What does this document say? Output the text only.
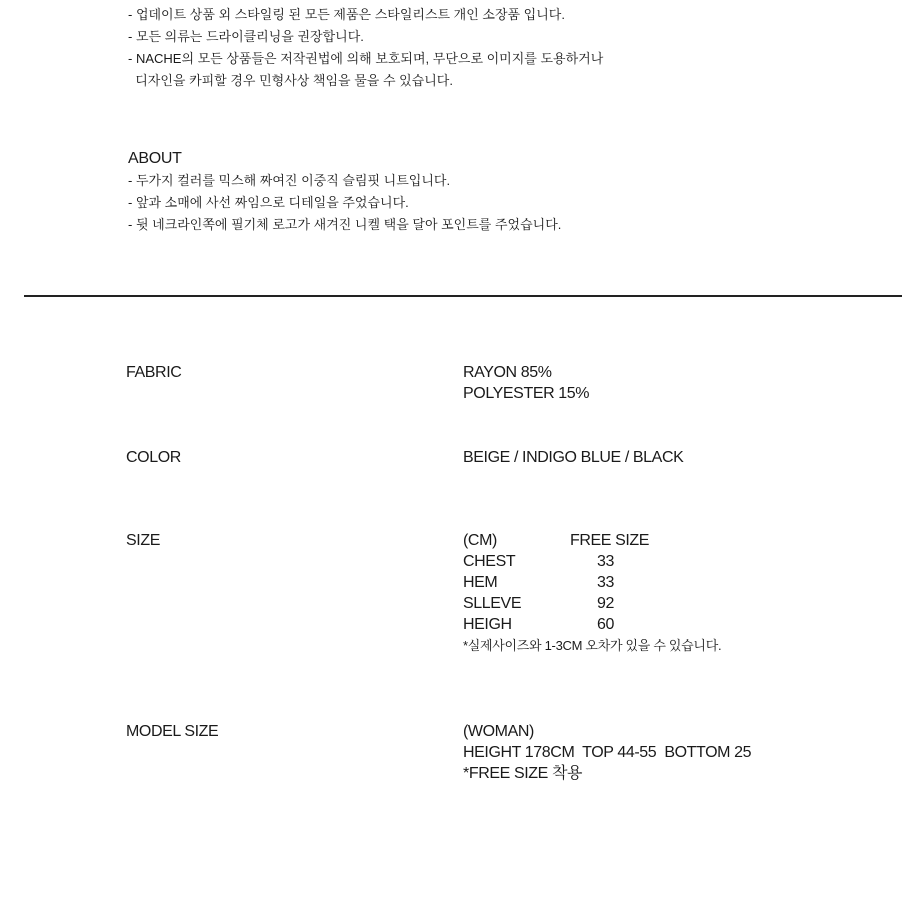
- 업데이트 상품 외 스타일링 된 모든 제품은 스타일리스트 개인 소장품 입니다.
- 모든 의류는 드라이클리닝을 권장합니다.
- NACHE의 모든 상품들은 저작권법에 의해 보호되며, 무단으로 이미지를 도용하거나
디자인을 카피할 경우 민형사상 책임을 물을 수 있습니다.
ABOUT
- 두가지 컬러를 믹스해 짜여진 이중직 슬림핏 니트입니다.
- 앞과 소매에 사선 짜임으로 디테일을 주었습니다.
- 뒷 네크라인쪽에 필기체 로고가 새겨진 니켈 택을 달아 포인트를 주었습니다.
FABRIC	RAYON 85%
POLYESTER 15%
COLOR	BEIGE / INDIGO BLUE / BLACK
SIZE	(CM)	FREE SIZE
CHEST	33
HEM	33
SLLEVE	92
HEIGH	60
*실제사이즈와 1-3CM 오차가 있을 수 있습니다.
MODEL SIZE	(WOMAN)
HEIGHT 178CM  TOP 44-55  BOTTOM 25
*FREE SIZE 착용
